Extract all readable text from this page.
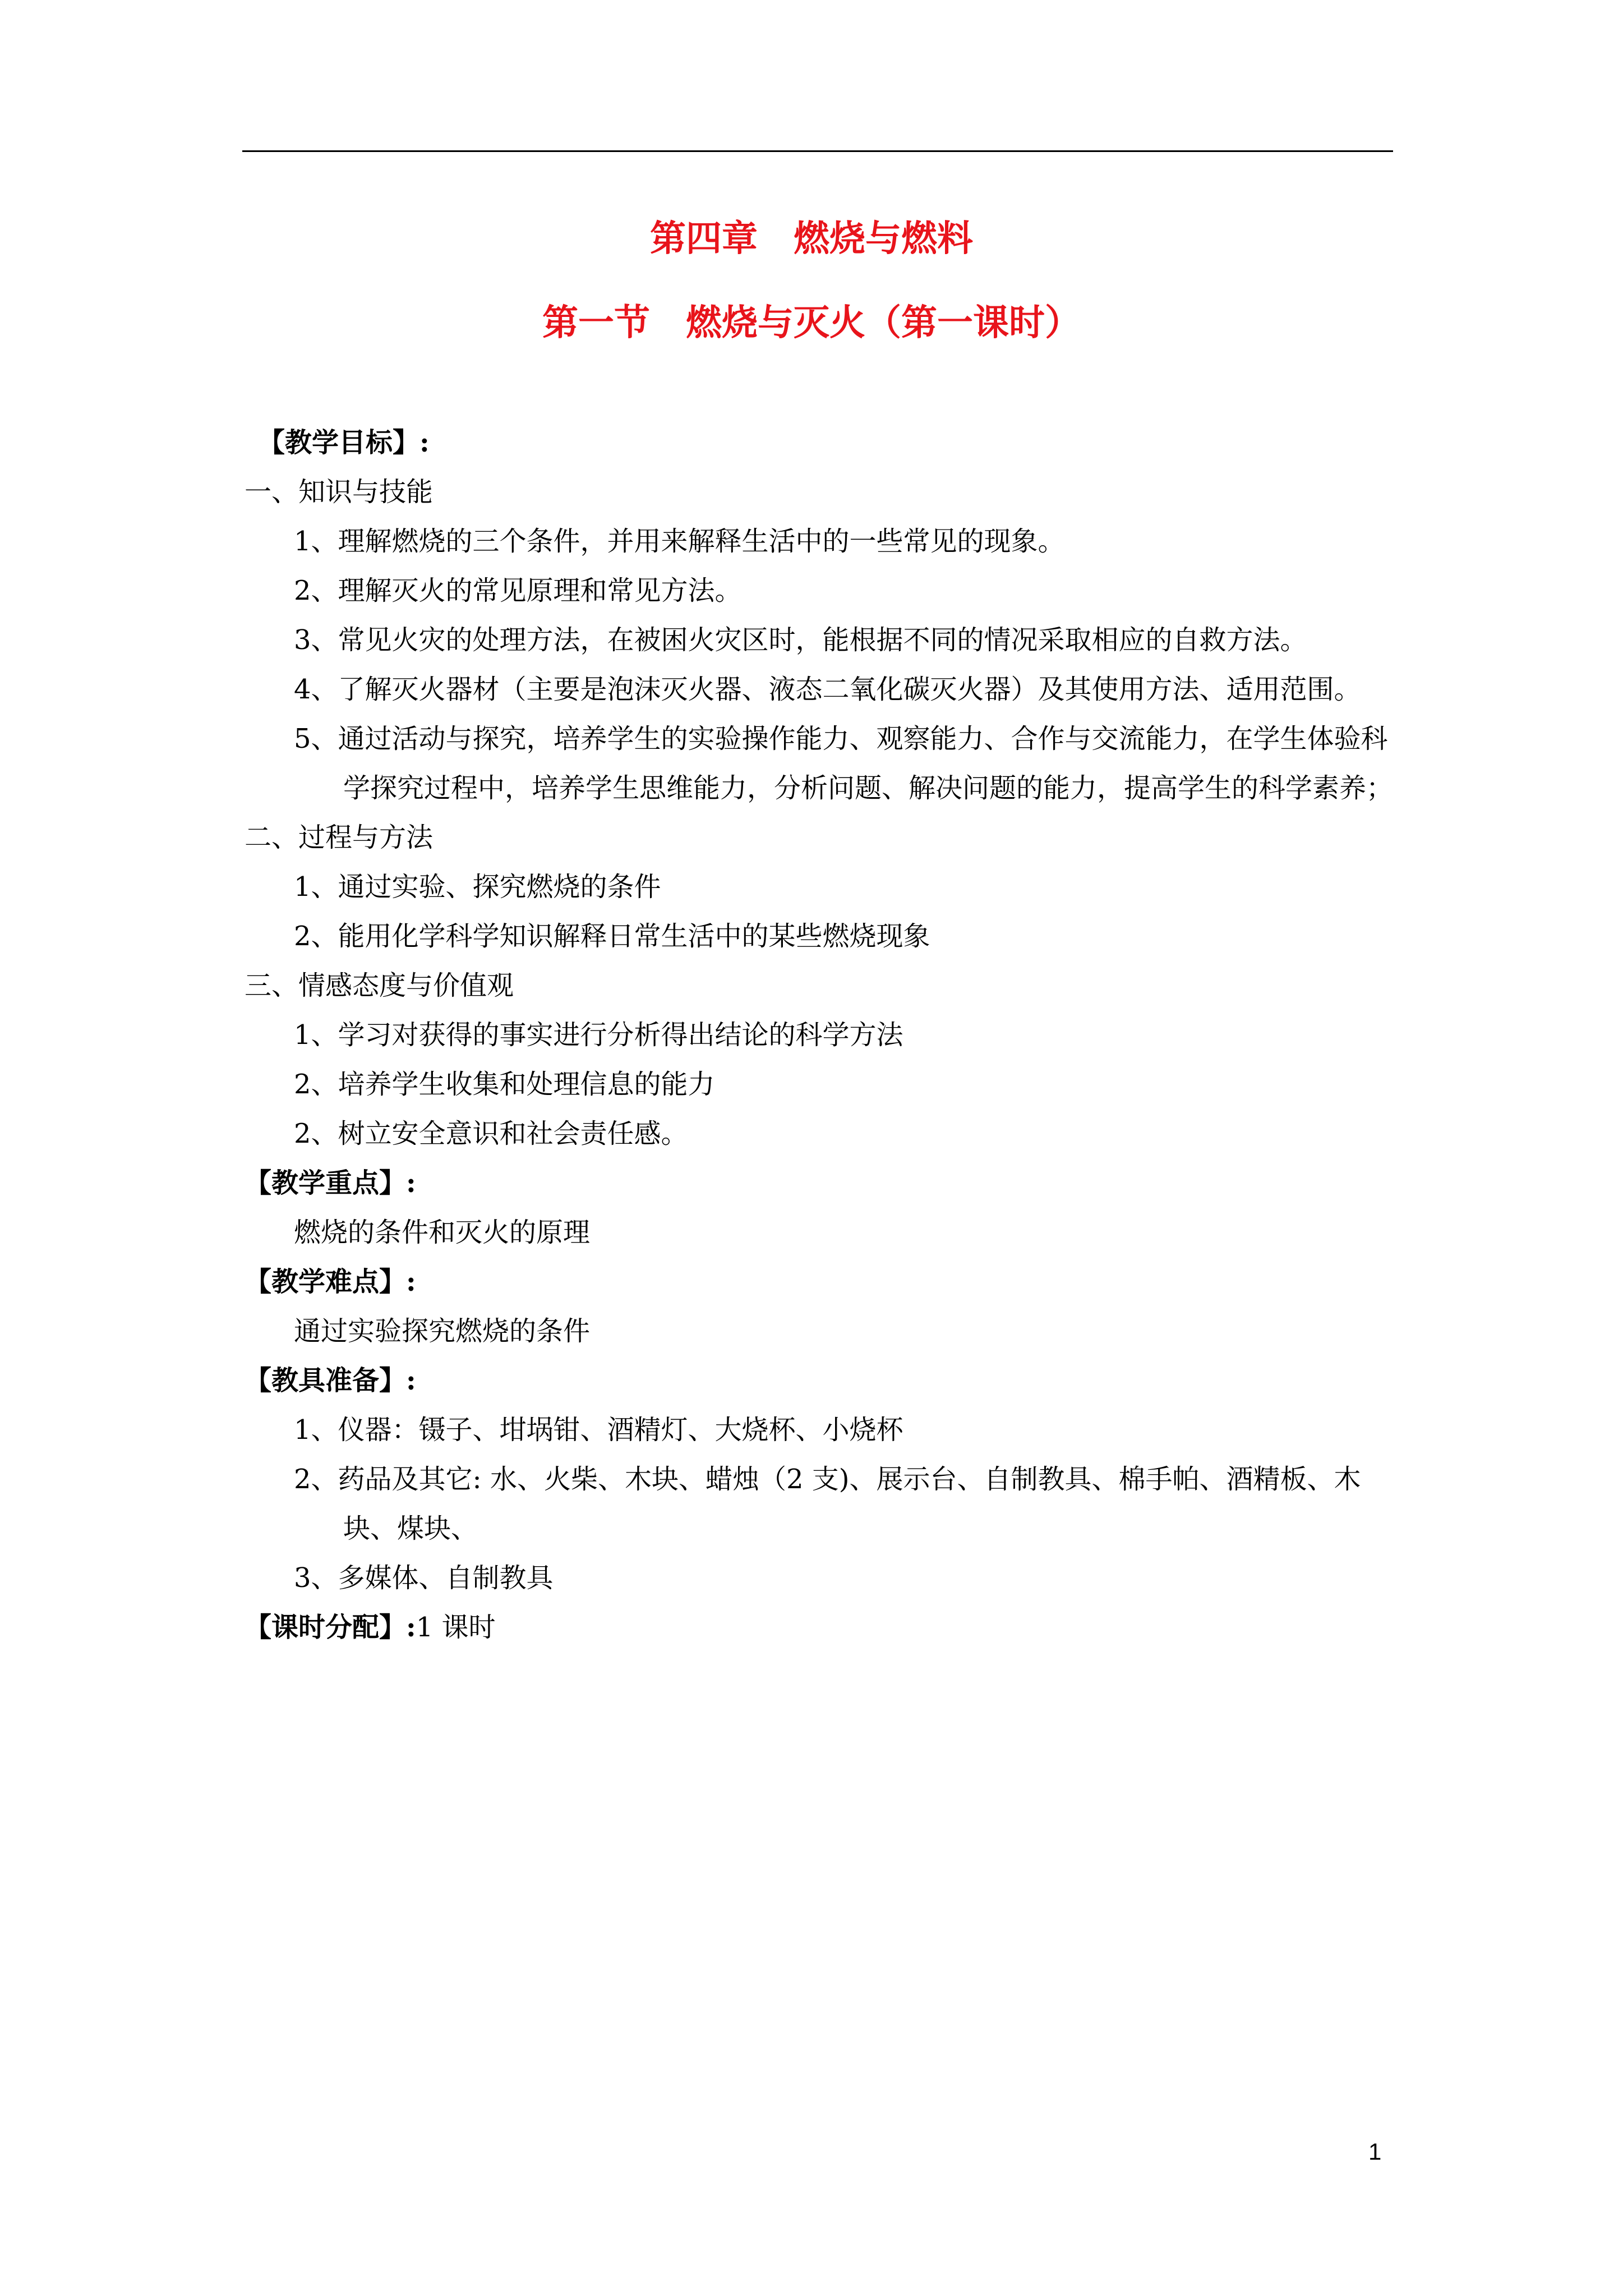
第四章 燃烧与燃料
第一节 燃烧与灭火（第一课时）

【教学目标】:

一、知识与技能

1、理解燃烧的三个条件，并用来解释生活中的一些常见的现象。

2、理解灭火的常见原理和常见方法。

3、常见火灾的处理方法，在被困火灾区时，能根据不同的情况采取相应的自救方法。

4、了解灭火器材（主要是泡沫灭火器、液态二氧化碳灭火器）及其使用方法、适用范围。

5、通过活动与探究，培养学生的实验操作能力、观察能力、合作与交流能力，在学生体验科学探究过程中，培养学生思维能力，分析问题、解决问题的能力，提高学生的科学素养；

二、过程与方法

1、通过实验、探究燃烧的条件

2、能用化学科学知识解释日常生活中的某些燃烧现象

三、情感态度与价值观

1、学习对获得的事实进行分析得出结论的科学方法

2、培养学生收集和处理信息的能力

2、树立安全意识和社会责任感。

【教学重点】:

燃烧的条件和灭火的原理

【教学难点】:

通过实验探究燃烧的条件

【教具准备】:

1、仪器：镊子、坩埚钳、酒精灯、大烧杯、小烧杯

2、药品及其它: 水、火柴、木块、蜡烛（2 支)、展示台、自制教具、棉手帕、酒精板、木块、煤块、

3、多媒体、自制教具

【课时分配】:1 课时

1
